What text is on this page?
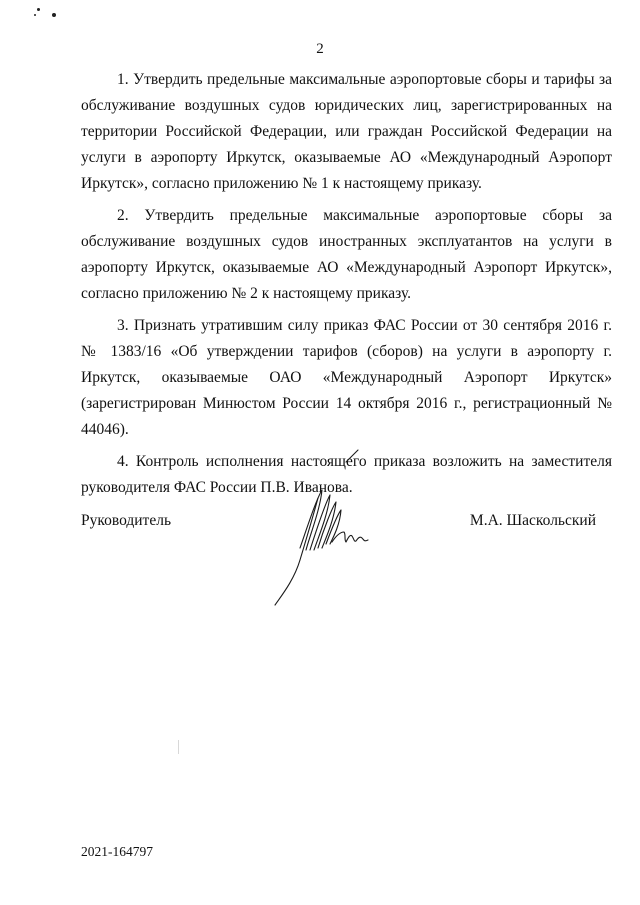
2

1. Утвердить предельные максимальные аэропортовые сборы и тарифы за обслуживание воздушных судов юридических лиц, зарегистрированных на территории Российской Федерации, или граждан Российской Федерации на услуги в аэропорту Иркутск, оказываемые АО «Международный Аэропорт Иркутск», согласно приложению № 1 к настоящему приказу.

2. Утвердить предельные максимальные аэропортовые сборы за обслуживание воздушных судов иностранных эксплуатантов на услуги в аэропорту Иркутск, оказываемые АО «Международный Аэропорт Иркутск», согласно приложению № 2 к настоящему приказу.

3. Признать утратившим силу приказ ФАС России от 30 сентября 2016 г. № 1383/16 «Об утверждении тарифов (сборов) на услуги в аэропорту г. Иркутск, оказываемые ОАО «Международный Аэропорт Иркутск» (зарегистрирован Минюстом России 14 октября 2016 г., регистрационный № 44046).

4. Контроль исполнения настоящего приказа возложить на заместителя руководителя ФАС России П.В. Иванова.

Руководитель	М.А. Шаскольский
2021-164797
